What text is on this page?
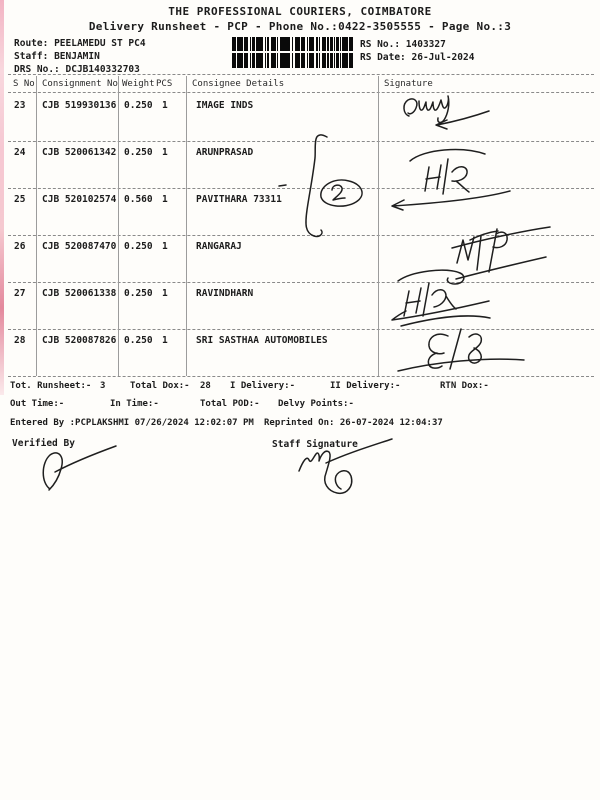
THE PROFESSIONAL COURIERS, COIMBATORE
Delivery Runsheet - PCP - Phone No.:0422-3505555 - Page No.:3
Route: PEELAMEDU ST PC4
Staff: BENJAMIN
DRS No.: DCJB140332703
RS No.: 1403327
RS Date: 26-Jul-2024
S No Consignment No Weight PCS Consignee Details	Signature
23 CJB 519930136 0.250 1	IMAGE INDS
24 CJB 520061342 0.250 1	ARUNPRASAD
25 CJB 520102574 0.560 1	PAVITHARA 73311
26 CJB 520087470 0.250 1	RANGARAJ
27 CJB 520061338 0.250 1	RAVINDHARN
28 CJB 520087826 0.250 1	SRI SASTHAA AUTOMOBILES
Tot. Runsheet:- 3	Total Dox:- 28 I Delivery:-	II Delivery:-	RTN Dox:-
Out Time:-	In Time:-	Total POD:- Delvy Points:-
Entered By :PCPLAKSHMI 07/26/2024 12:02:07 PM Reprinted On: 26-07-2024 12:04:37
Verified By	Staff Signature
